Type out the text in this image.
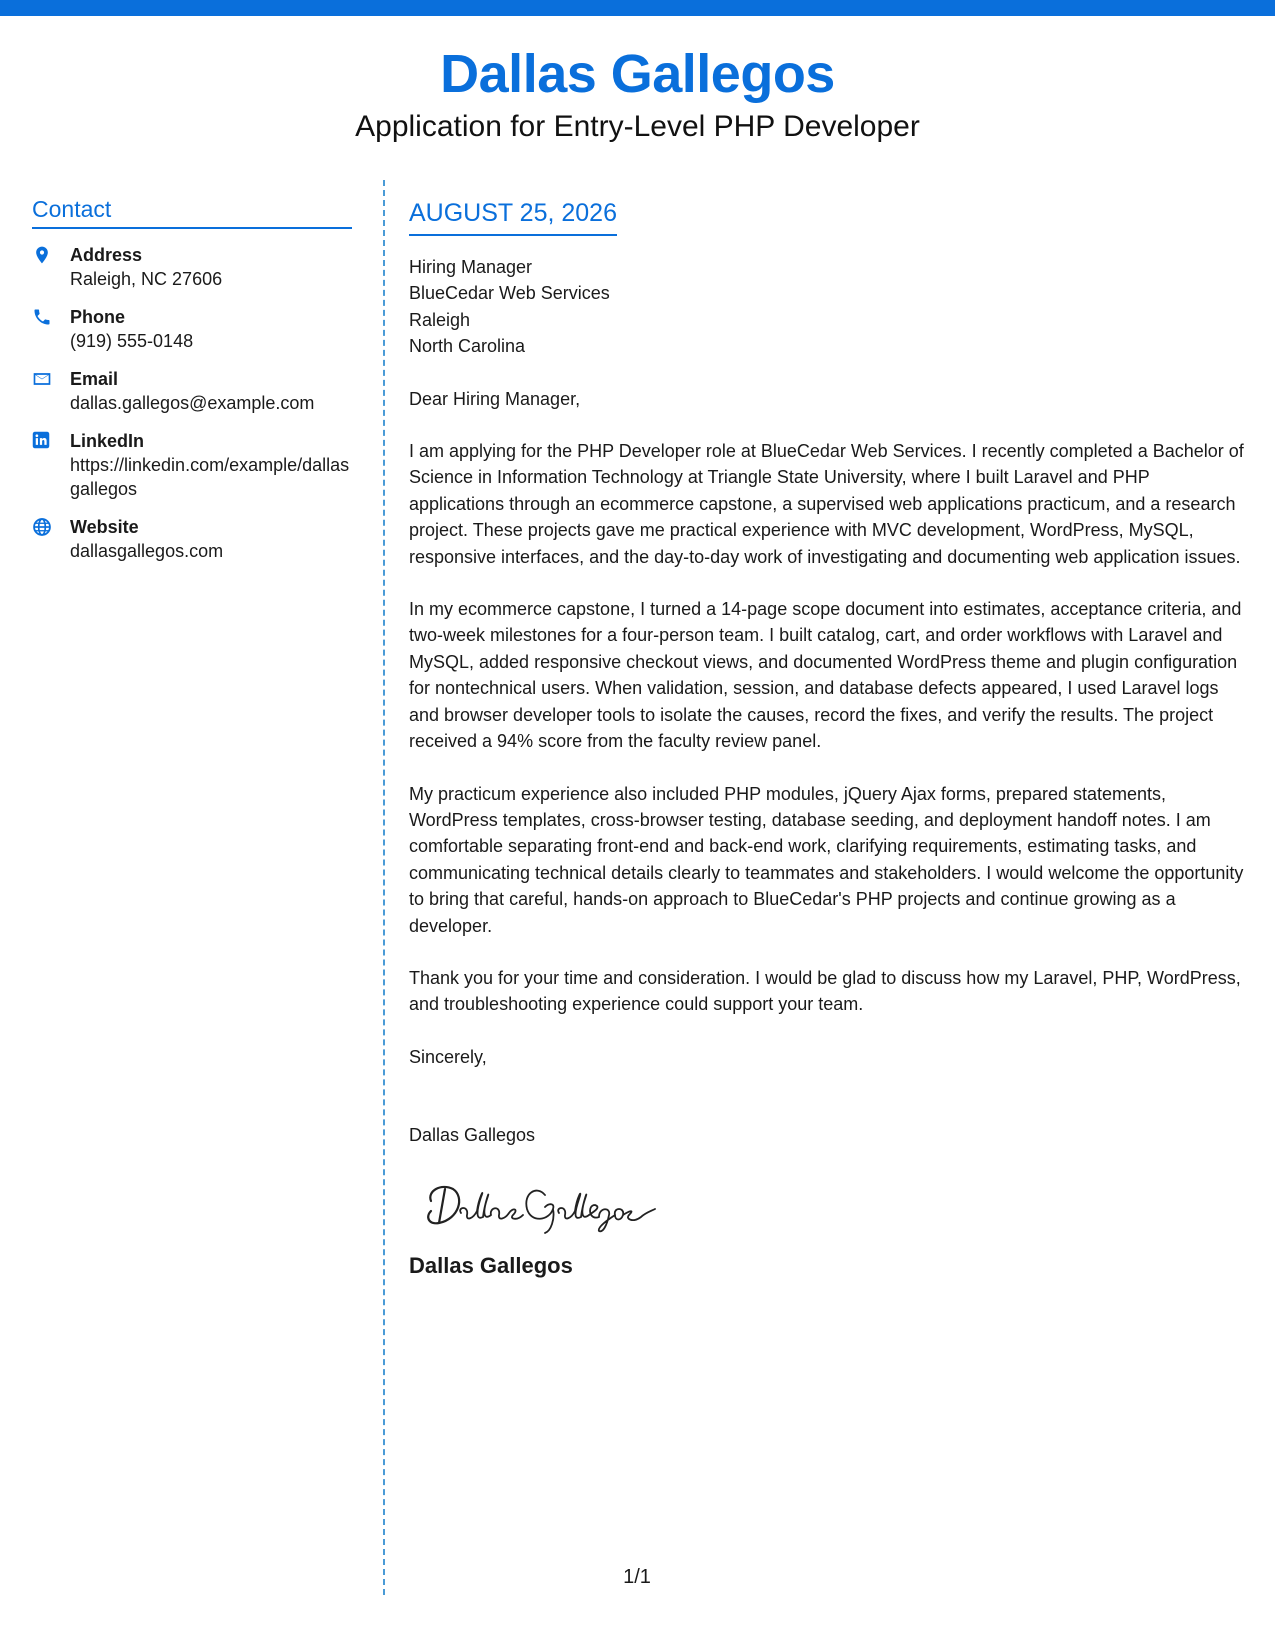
Dallas Gallegos
Application for Entry-Level PHP Developer
Contact
Address
Raleigh, NC 27606
Phone
(919) 555-0148
Email
dallas.gallegos@example.com
LinkedIn
https://linkedin.com/example/dallasgallegos
Website
dallasgallegos.com
AUGUST 25, 2026
Hiring Manager
BlueCedar Web Services
Raleigh
North Carolina
Dear Hiring Manager,
I am applying for the PHP Developer role at BlueCedar Web Services. I recently completed a Bachelor of Science in Information Technology at Triangle State University, where I built Laravel and PHP applications through an ecommerce capstone, a supervised web applications practicum, and a research project. These projects gave me practical experience with MVC development, WordPress, MySQL, responsive interfaces, and the day-to-day work of investigating and documenting web application issues.
In my ecommerce capstone, I turned a 14-page scope document into estimates, acceptance criteria, and two-week milestones for a four-person team. I built catalog, cart, and order workflows with Laravel and MySQL, added responsive checkout views, and documented WordPress theme and plugin configuration for nontechnical users. When validation, session, and database defects appeared, I used Laravel logs and browser developer tools to isolate the causes, record the fixes, and verify the results. The project received a 94% score from the faculty review panel.
My practicum experience also included PHP modules, jQuery Ajax forms, prepared statements, WordPress templates, cross-browser testing, database seeding, and deployment handoff notes. I am comfortable separating front-end and back-end work, clarifying requirements, estimating tasks, and communicating technical details clearly to teammates and stakeholders. I would welcome the opportunity to bring that careful, hands-on approach to BlueCedar's PHP projects and continue growing as a developer.
Thank you for your time and consideration. I would be glad to discuss how my Laravel, PHP, WordPress, and troubleshooting experience could support your team.
Sincerely,
Dallas Gallegos
Dallas Gallegos
1/1
